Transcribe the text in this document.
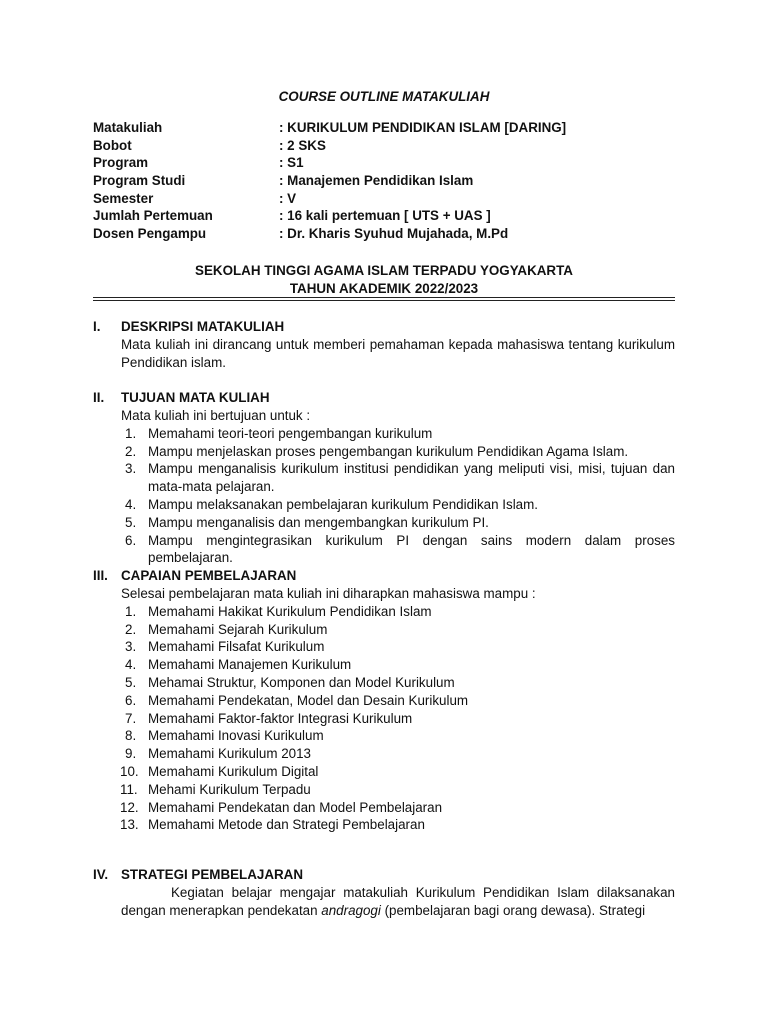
COURSE OUTLINE MATAKULIAH
Matakuliah	: KURIKULUM PENDIDIKAN ISLAM [DARING]
Bobot	: 2 SKS
Program	: S1
Program Studi	: Manajemen Pendidikan Islam
Semester	: V
Jumlah Pertemuan	: 16 kali pertemuan [ UTS + UAS ]
Dosen Pengampu	: Dr. Kharis Syuhud Mujahada, M.Pd
SEKOLAH TINGGI AGAMA ISLAM TERPADU YOGYAKARTA
TAHUN AKADEMIK 2022/2023
I. DESKRIPSI MATAKULIAH
Mata kuliah ini dirancang untuk memberi pemahaman kepada mahasiswa tentang kurikulum Pendidikan islam.
II. TUJUAN MATA KULIAH
Mata kuliah ini bertujuan untuk :
1. Memahami teori-teori pengembangan kurikulum
2. Mampu menjelaskan proses pengembangan kurikulum Pendidikan Agama Islam.
3. Mampu menganalisis kurikulum institusi pendidikan yang meliputi visi, misi, tujuan dan mata-mata pelajaran.
4. Mampu melaksanakan pembelajaran kurikulum Pendidikan Islam.
5. Mampu menganalisis dan mengembangkan kurikulum PI.
6. Mampu mengintegrasikan kurikulum PI dengan sains modern dalam proses pembelajaran.
III. CAPAIAN PEMBELAJARAN
Selesai pembelajaran mata kuliah ini diharapkan mahasiswa mampu :
1. Memahami Hakikat Kurikulum Pendidikan Islam
2. Memahami Sejarah Kurikulum
3. Memahami Filsafat Kurikulum
4. Memahami Manajemen Kurikulum
5. Mehamai Struktur, Komponen dan Model Kurikulum
6. Memahami Pendekatan, Model dan Desain Kurikulum
7. Memahami Faktor-faktor Integrasi Kurikulum
8. Memahami Inovasi Kurikulum
9. Memahami Kurikulum 2013
10. Memahami Kurikulum Digital
11. Mehami Kurikulum Terpadu
12. Memahami Pendekatan dan Model Pembelajaran
13. Memahami Metode dan Strategi Pembelajaran
IV. STRATEGI PEMBELAJARAN
Kegiatan belajar mengajar matakuliah Kurikulum Pendidikan Islam dilaksanakan dengan menerapkan pendekatan andragogi (pembelajaran bagi orang dewasa). Strategi
